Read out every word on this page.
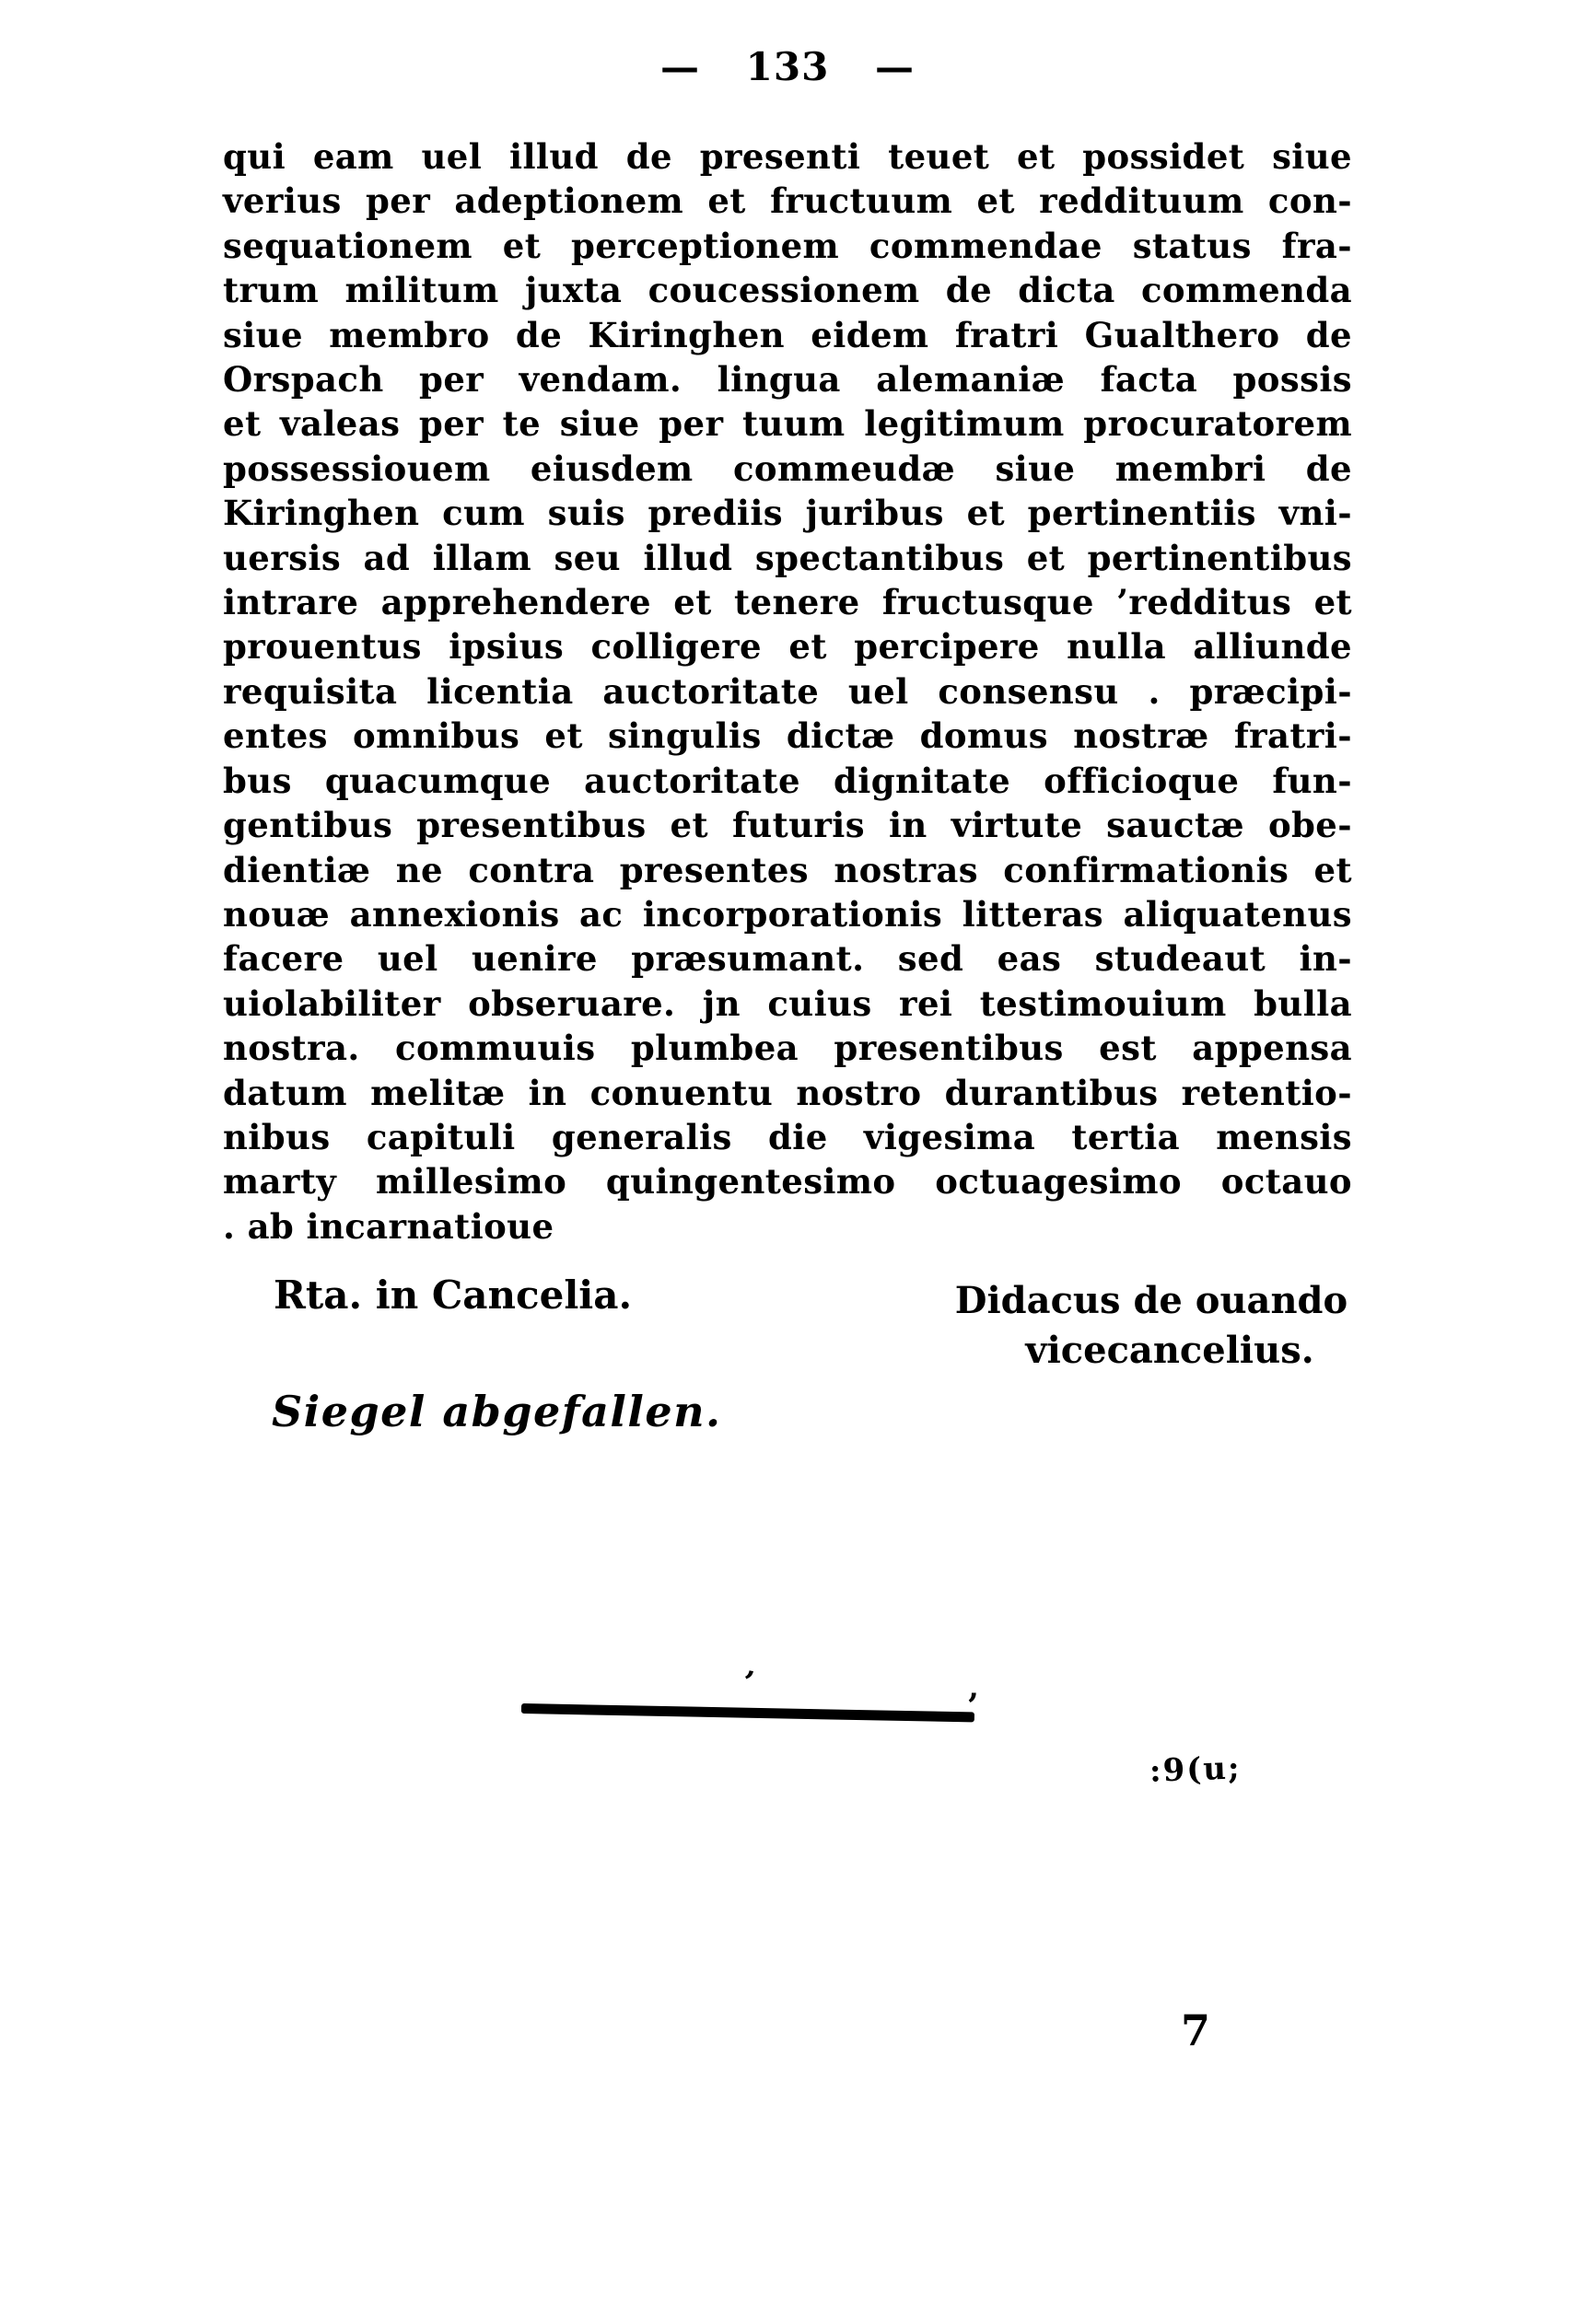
— 133 —
qui eam uel illud de presenti teuet et possidet siue
verius per adeptionem et fructuum et reddituum con-
sequationem et perceptionem commendae status fra-
trum militum juxta coucessionem de dicta commenda
siue membro de Kiringhen eidem fratri Gualthero de
Orspach per vendam. lingua alemaniæ facta possis
et valeas per te siue per tuum legitimum procuratorem
possessiouem eiusdem commeudæ siue membri de
Kiringhen cum suis prediis juribus et pertinentiis vni-
uersis ad illam seu illud spectantibus et pertinentibus
intrare apprehendere et tenere fructusque ’redditus et
prouentus ipsius colligere et percipere nulla alliunde
requisita licentia auctoritate uel consensu . præcipi-
entes omnibus et singulis dictæ domus nostræ fratri-
bus quacumque auctoritate dignitate officioque fun-
gentibus presentibus et futuris in virtute sauctæ obe-
dientiæ ne contra presentes nostras confirmationis et
nouæ annexionis ac incorporationis litteras aliquatenus
facere uel uenire præsumant. sed eas studeaut in-
uiolabiliter obseruare. jn cuius rei testimouium bulla
nostra. commuuis plumbea presentibus est appensa
datum melitæ in conuentu nostro durantibus retentio-
nibus capituli generalis die vigesima tertia mensis
marty millesimo quingentesimo octuagesimo octauo
. ab incarnatioue
Rta. in Cancelia.	Didacus de ouando
vicecancelius.
Siegel abgefallen.
’
’
:9(u;
7
